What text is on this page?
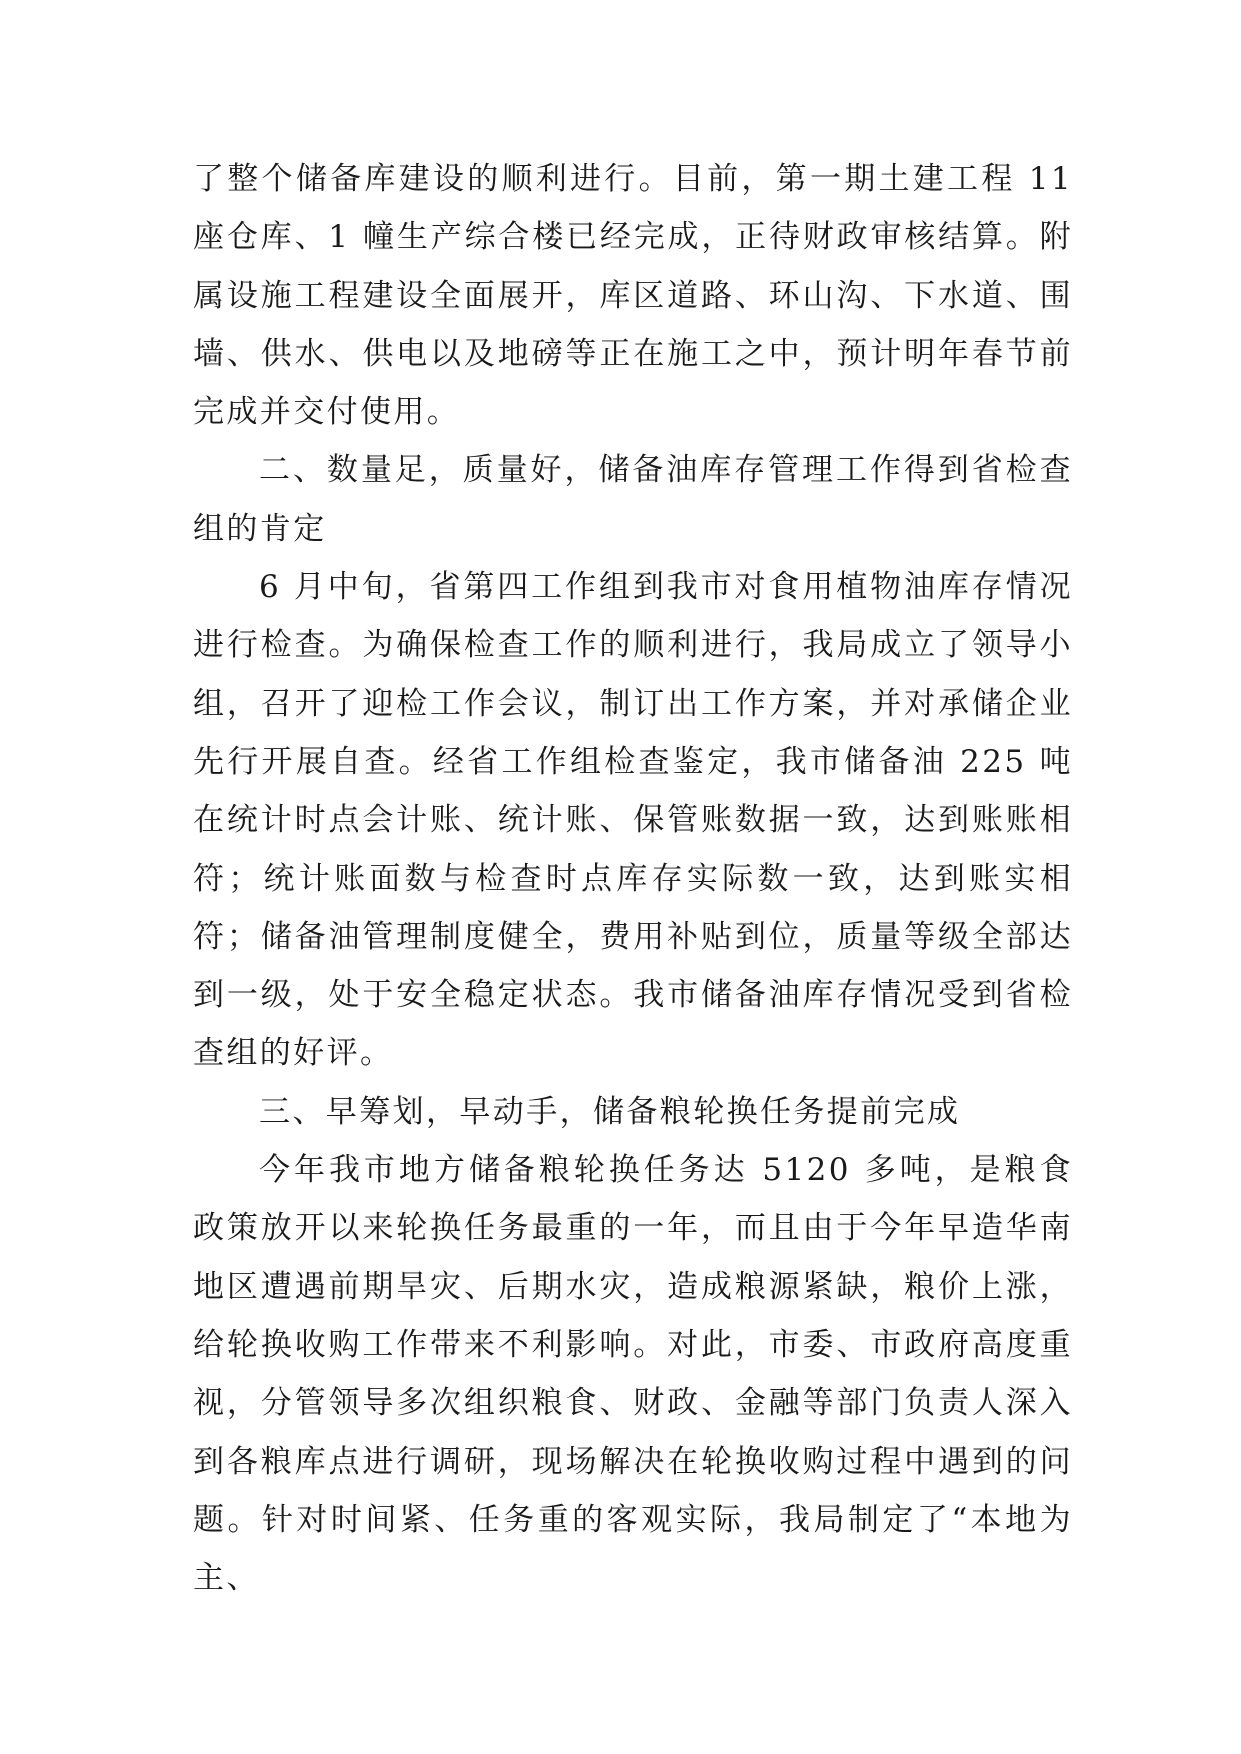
了整个储备库建设的顺利进行。目前，第一期土建工程 11 座仓库、1 幢生产综合楼已经完成，正待财政审核结算。附属设施工程建设全面展开，库区道路、环山沟、下水道、围墙、供水、供电以及地磅等正在施工之中，预计明年春节前完成并交付使用。

二、数量足，质量好，储备油库存管理工作得到省检查组的肯定

6 月中旬，省第四工作组到我市对食用植物油库存情况进行检查。为确保检查工作的顺利进行，我局成立了领导小组，召开了迎检工作会议，制订出工作方案，并对承储企业先行开展自查。经省工作组检查鉴定，我市储备油 225 吨在统计时点会计账、统计账、保管账数据一致，达到账账相符；统计账面数与检查时点库存实际数一致，达到账实相符；储备油管理制度健全，费用补贴到位，质量等级全部达到一级，处于安全稳定状态。我市储备油库存情况受到省检查组的好评。

三、早筹划，早动手，储备粮轮换任务提前完成

今年我市地方储备粮轮换任务达 5120 多吨，是粮食政策放开以来轮换任务最重的一年，而且由于今年早造华南地区遭遇前期旱灾、后期水灾，造成粮源紧缺，粮价上涨，给轮换收购工作带来不利影响。对此，市委、市政府高度重视，分管领导多次组织粮食、财政、金融等部门负责人深入到各粮库点进行调研，现场解决在轮换收购过程中遇到的问题。针对时间紧、任务重的客观实际，我局制定了“本地为主、
